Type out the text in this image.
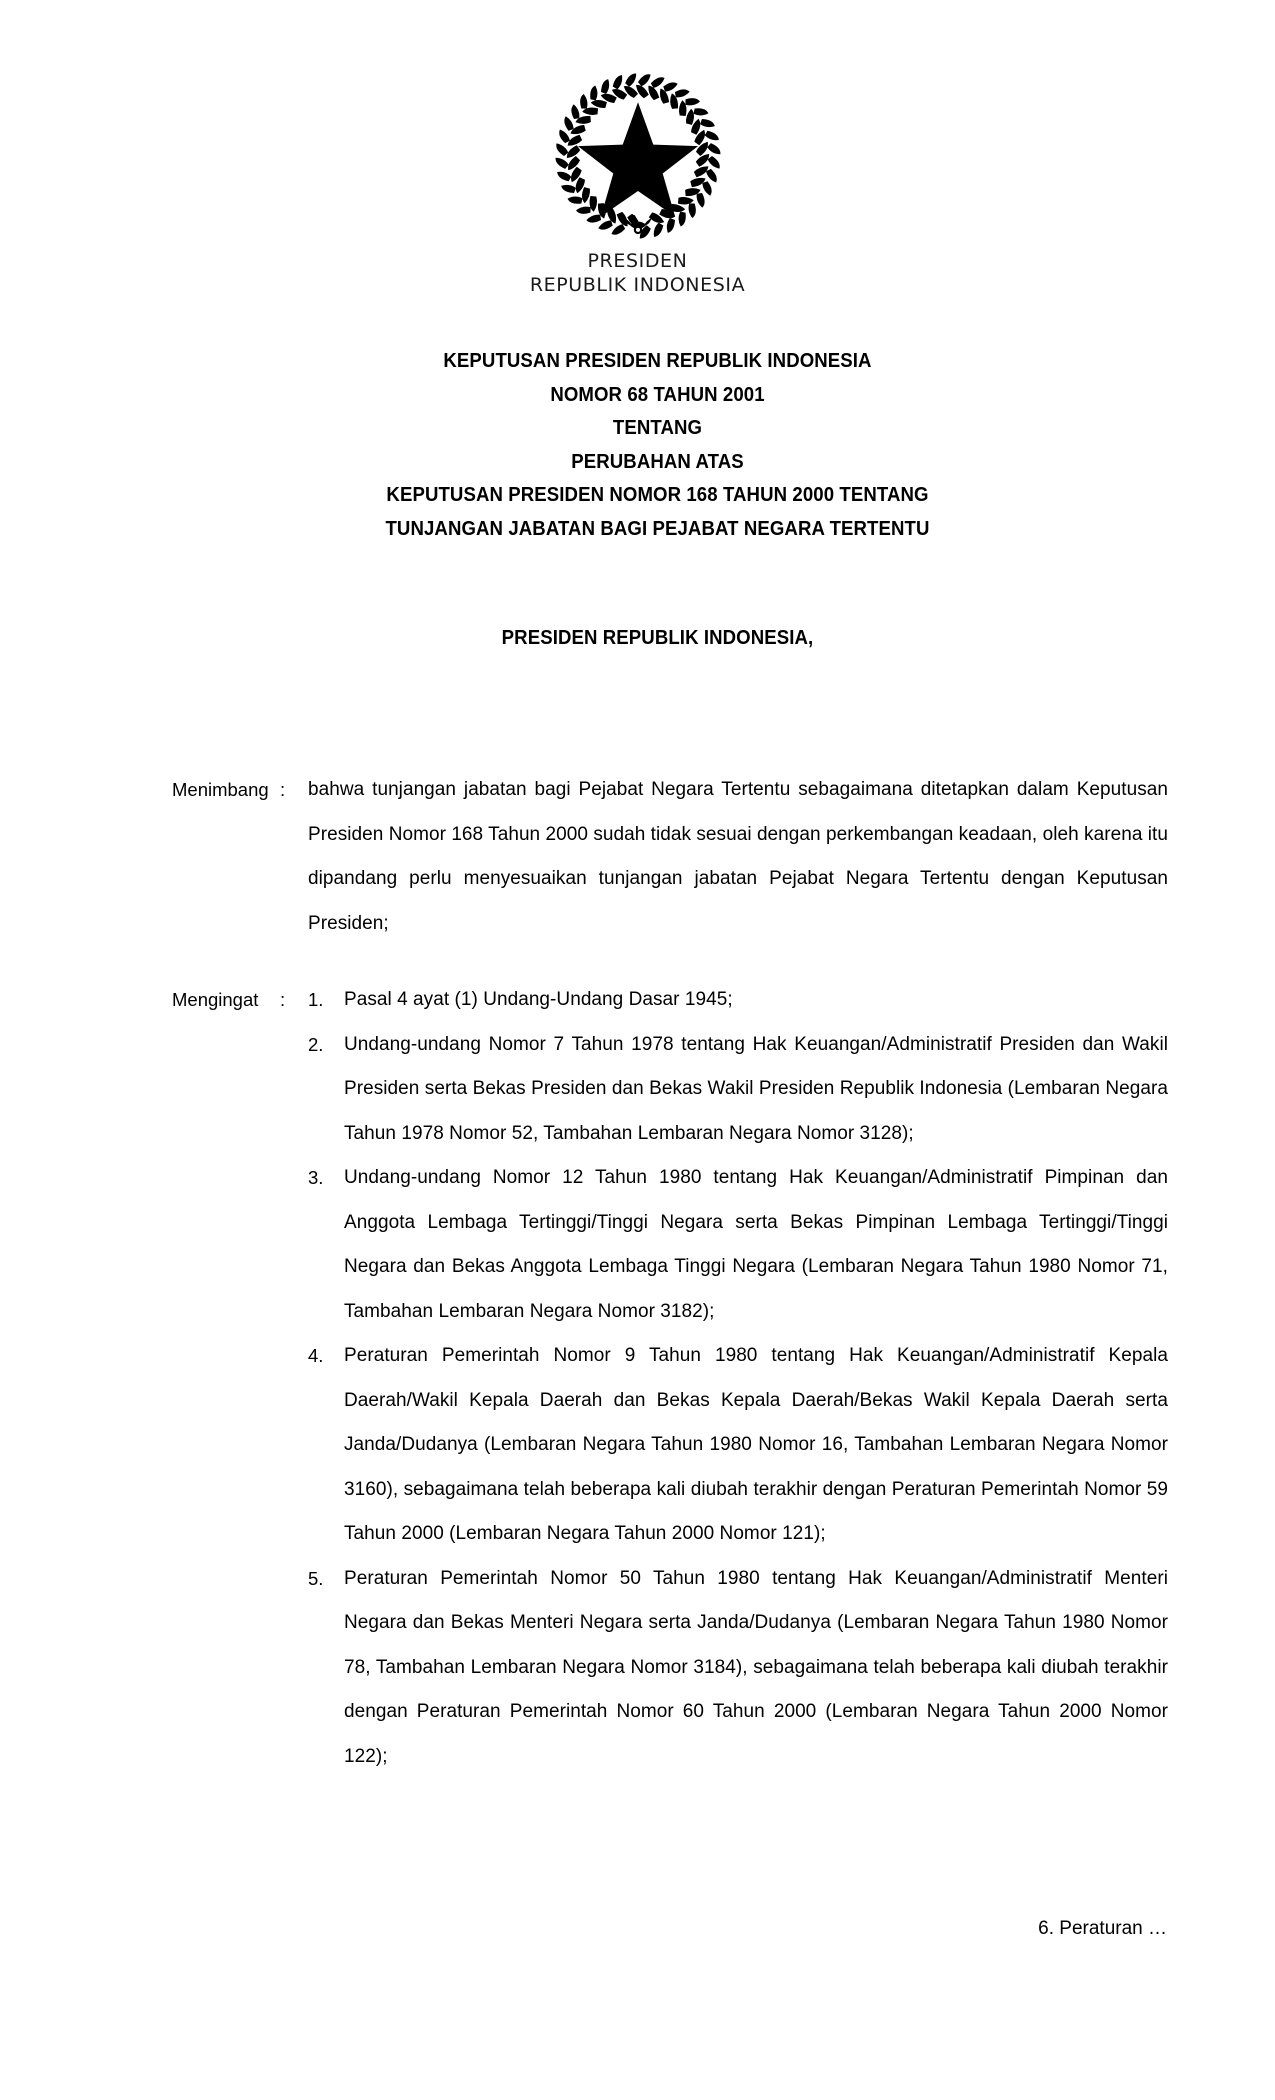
PRESIDEN
REPUBLIK INDONESIA
KEPUTUSAN PRESIDEN REPUBLIK INDONESIA
NOMOR 68 TAHUN 2001
TENTANG
PERUBAHAN ATAS
KEPUTUSAN PRESIDEN NOMOR 168 TAHUN 2000 TENTANG
TUNJANGAN JABATAN BAGI PEJABAT NEGARA TERTENTU
PRESIDEN REPUBLIK INDONESIA,
Menimbang :	bahwa tunjangan jabatan bagi Pejabat Negara Tertentu sebagaimana ditetapkan dalam Keputusan Presiden Nomor 168 Tahun 2000 sudah tidak sesuai dengan perkembangan keadaan, oleh karena itu dipandang perlu menyesuaikan tunjangan jabatan Pejabat Negara Tertentu dengan Keputusan Presiden;

Mengingat	:	Pasal 4 ayat (1) Undang-Undang Dasar 1945;

Undang-undang Nomor 7 Tahun 1978 tentang Hak Keuangan/Administratif Presiden dan Wakil Presiden serta Bekas Presiden dan Bekas Wakil Presiden Republik Indonesia (Lembaran Negara Tahun 1978 Nomor 52, Tambahan Lembaran Negara Nomor 3128);

Undang-undang Nomor 12 Tahun 1980 tentang Hak Keuangan/Administratif Pimpinan dan Anggota Lembaga Tertinggi/Tinggi Negara serta Bekas Pimpinan Lembaga Tertinggi/Tinggi Negara dan Bekas Anggota Lembaga Tinggi Negara (Lembaran Negara Tahun 1980 Nomor 71, Tambahan Lembaran Negara Nomor 3182);

Peraturan Pemerintah Nomor 9 Tahun 1980 tentang Hak Keuangan/Administratif Kepala Daerah/Wakil Kepala Daerah dan Bekas Kepala Daerah/Bekas Wakil Kepala Daerah serta Janda/Dudanya (Lembaran Negara Tahun 1980 Nomor 16, Tambahan Lembaran Negara Nomor 3160), sebagaimana telah beberapa kali diubah terakhir dengan Peraturan Pemerintah Nomor 59 Tahun 2000 (Lembaran Negara Tahun 2000 Nomor 121);

Peraturan Pemerintah Nomor 50 Tahun 1980 tentang Hak Keuangan/Administratif Menteri Negara dan Bekas Menteri Negara serta Janda/Dudanya (Lembaran Negara Tahun 1980 Nomor 78, Tambahan Lembaran Negara Nomor 3184), sebagaimana telah beberapa kali diubah terakhir dengan Peraturan Pemerintah Nomor 60 Tahun 2000 (Lembaran Negara Tahun 2000 Nomor 122);

6. Peraturan …
